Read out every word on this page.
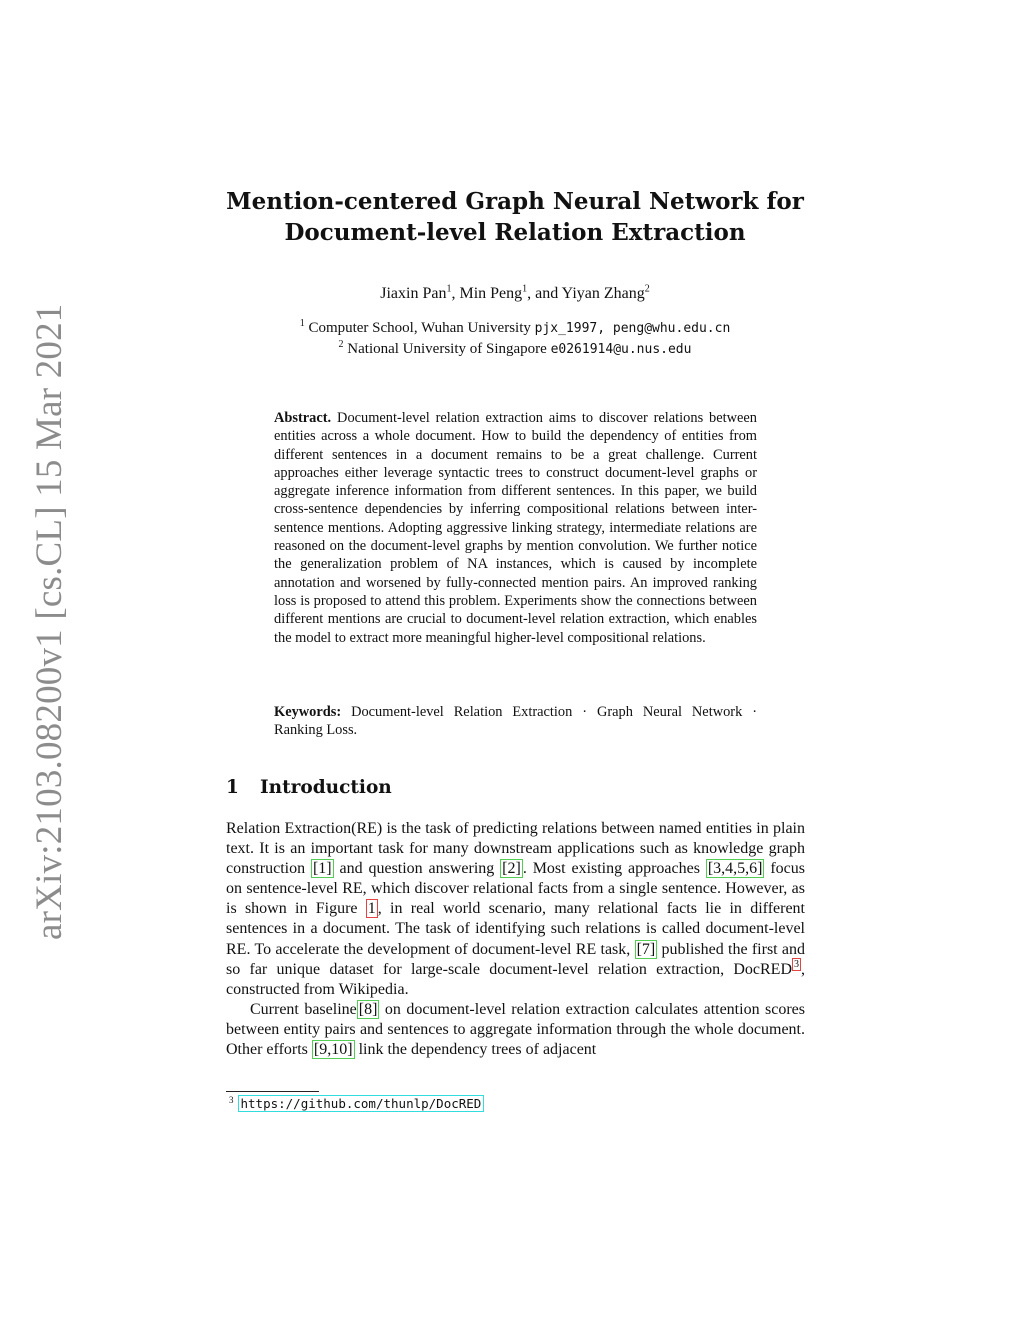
arXiv:2103.08200v1 [cs.CL] 15 Mar 2021
Mention-centered Graph Neural Network for
Document-level Relation Extraction
Jiaxin Pan$^1$, Min Peng$^1$, and Yiyan Zhang$^2$
$^1$ Computer School, Wuhan University pjx_1997, peng@whu.edu.cn
$^2$ National University of Singapore e0261914@u.nus.edu
Abstract. Document-level relation extraction aims to discover relations between entities across a whole document. How to build the dependency of entities from different sentences in a document remains to be a great challenge. Current approaches either leverage syntactic trees to construct document-level graphs or aggregate inference information from different sentences. In this paper, we build cross-sentence dependencies by inferring compositional relations between inter-sentence mentions. Adopting aggressive linking strategy, intermediate relations are reasoned on the document-level graphs by mention convolution. We further notice the generalization problem of NA instances, which is caused by incomplete annotation and worsened by fully-connected mention pairs. An improved ranking loss is proposed to attend this problem. Experiments show the connections between different mentions are crucial to document-level relation extraction, which enables the model to extract more meaningful higher-level compositional relations.
Keywords: Document-level Relation Extraction · Graph Neural Network · Ranking Loss.
1 Introduction

Relation Extraction(RE) is the task of predicting relations between named entities in plain text. It is an important task for many downstream applications such as knowledge graph construction [1] and question answering [2] . Most existing approaches [3,4,5,6] focus on sentence-level RE, which discover relational facts from a single sentence. However, as is shown in Figure 1 , in real world scenario, many relational facts lie in different sentences in a document. The task of identifying such relations is called document-level RE. To accelerate the development of document-level RE task, [7] published the first and so far unique dataset for large-scale document-level relation extraction, DocRED $^3$ , constructed from Wikipedia.

Current baseline [8] on document-level relation extraction calculates attention scores between entity pairs and sentences to aggregate information through the whole document. Other efforts [9,10] link the dependency trees of adjacent

$^3$ https://github.com/thunlp/DocRED
